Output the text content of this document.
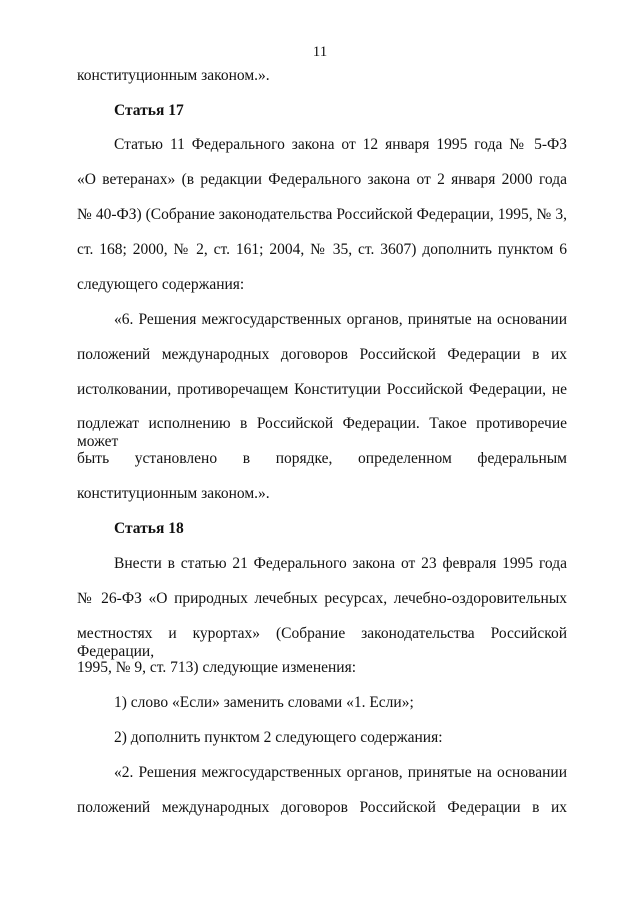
11
конституционным законом.».
Статья 17
Статью 11 Федерального закона от 12 января 1995 года № 5-ФЗ
«О ветеранах» (в редакции Федерального закона от 2 января 2000 года
№ 40-ФЗ) (Собрание законодательства Российской Федерации, 1995, № 3,
ст. 168; 2000, № 2, ст. 161; 2004, № 35, ст. 3607) дополнить пунктом 6
следующего содержания:
«6. Решения межгосударственных органов, принятые на основании
положений международных договоров Российской Федерации в их
истолковании, противоречащем Конституции Российской Федерации, не
подлежат исполнению в Российской Федерации. Такое противоречие может
быть установлено в порядке, определенном федеральным
конституционным законом.».
Статья 18
Внести в статью 21 Федерального закона от 23 февраля 1995 года
№ 26-ФЗ «О природных лечебных ресурсах, лечебно-оздоровительных
местностях и курортах» (Собрание законодательства Российской Федерации,
1995, № 9, ст. 713) следующие изменения:
1) слово «Если» заменить словами «1. Если»;
2) дополнить пунктом 2 следующего содержания:
«2. Решения межгосударственных органов, принятые на основании
положений международных договоров Российской Федерации в их
